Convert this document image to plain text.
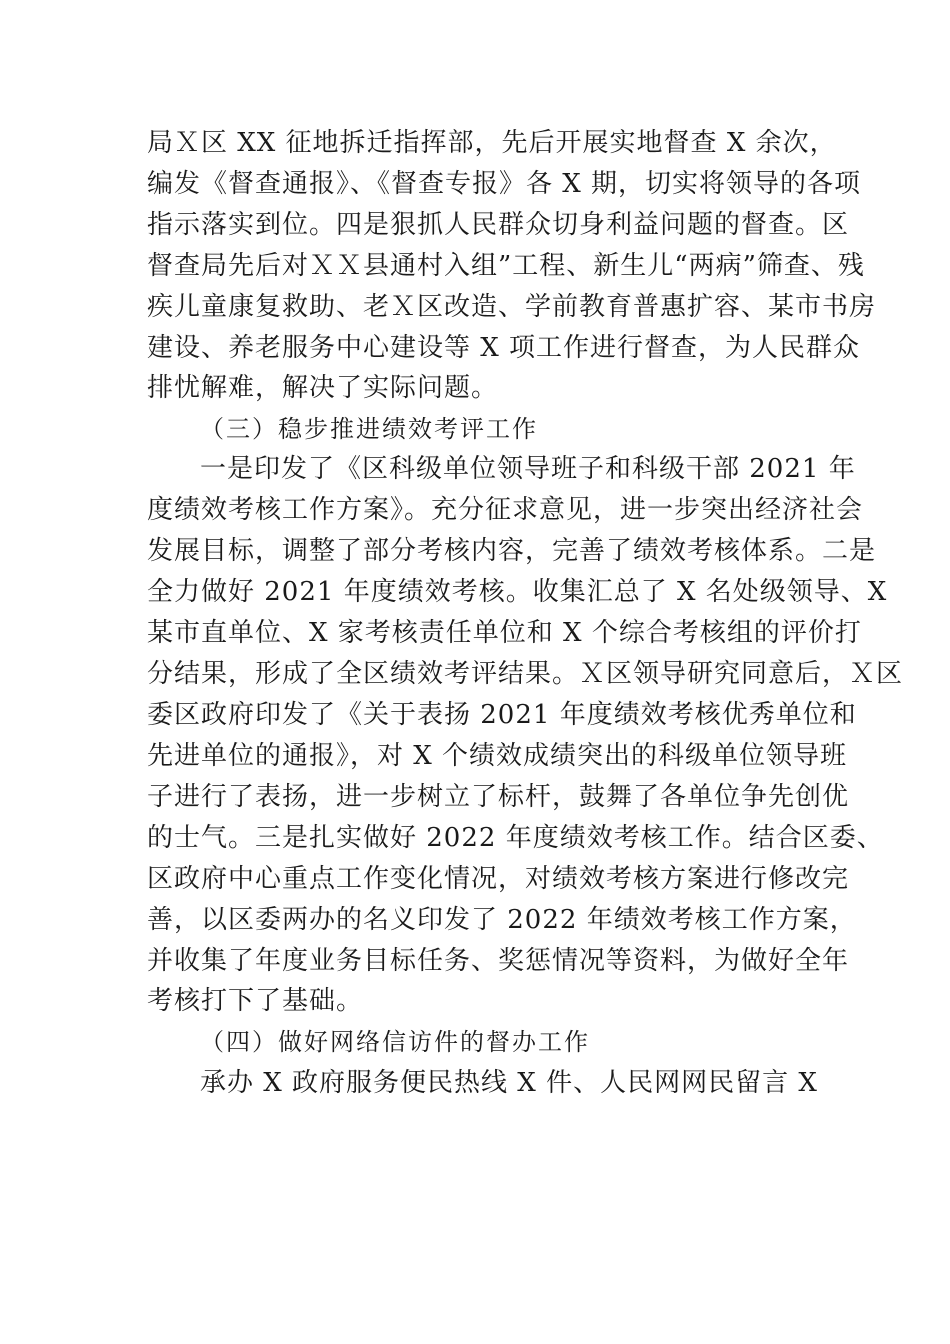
局Ｘ区 XX 征地拆迁指挥部，先后开展实地督查 X 余次，
编发《督查通报》、《督查专报》各 X 期，切实将领导的各项
指示落实到位。四是狠抓人民群众切身利益问题的督查。区
督查局先后对ＸＸ县通村入组”工程、新生儿“两病”筛查、残
疾儿童康复救助、老Ｘ区改造、学前教育普惠扩容、某市书房
建设、养老服务中心建设等 X 项工作进行督查，为人民群众
排忧解难，解决了实际问题。
（三）稳步推进绩效考评工作
一是印发了《区科级单位领导班子和科级干部 2021 年
度绩效考核工作方案》。充分征求意见，进一步突出经济社会
发展目标，调整了部分考核内容，完善了绩效考核体系。二是
全力做好 2021 年度绩效考核。收集汇总了 X 名处级领导、X
某市直单位、X 家考核责任单位和 X 个综合考核组的评价打
分结果，形成了全区绩效考评结果。Ｘ区领导研究同意后，Ｘ区
委区政府印发了《关于表扬 2021 年度绩效考核优秀单位和
先进单位的通报》，对 X 个绩效成绩突出的科级单位领导班
子进行了表扬，进一步树立了标杆，鼓舞了各单位争先创优
的士气。三是扎实做好 2022 年度绩效考核工作。结合区委、
区政府中心重点工作变化情况，对绩效考核方案进行修改完
善，以区委两办的名义印发了 2022 年绩效考核工作方案，
并收集了年度业务目标任务、奖惩情况等资料，为做好全年
考核打下了基础。
（四）做好网络信访件的督办工作
承办 X 政府服务便民热线 X 件、人民网网民留言 X
